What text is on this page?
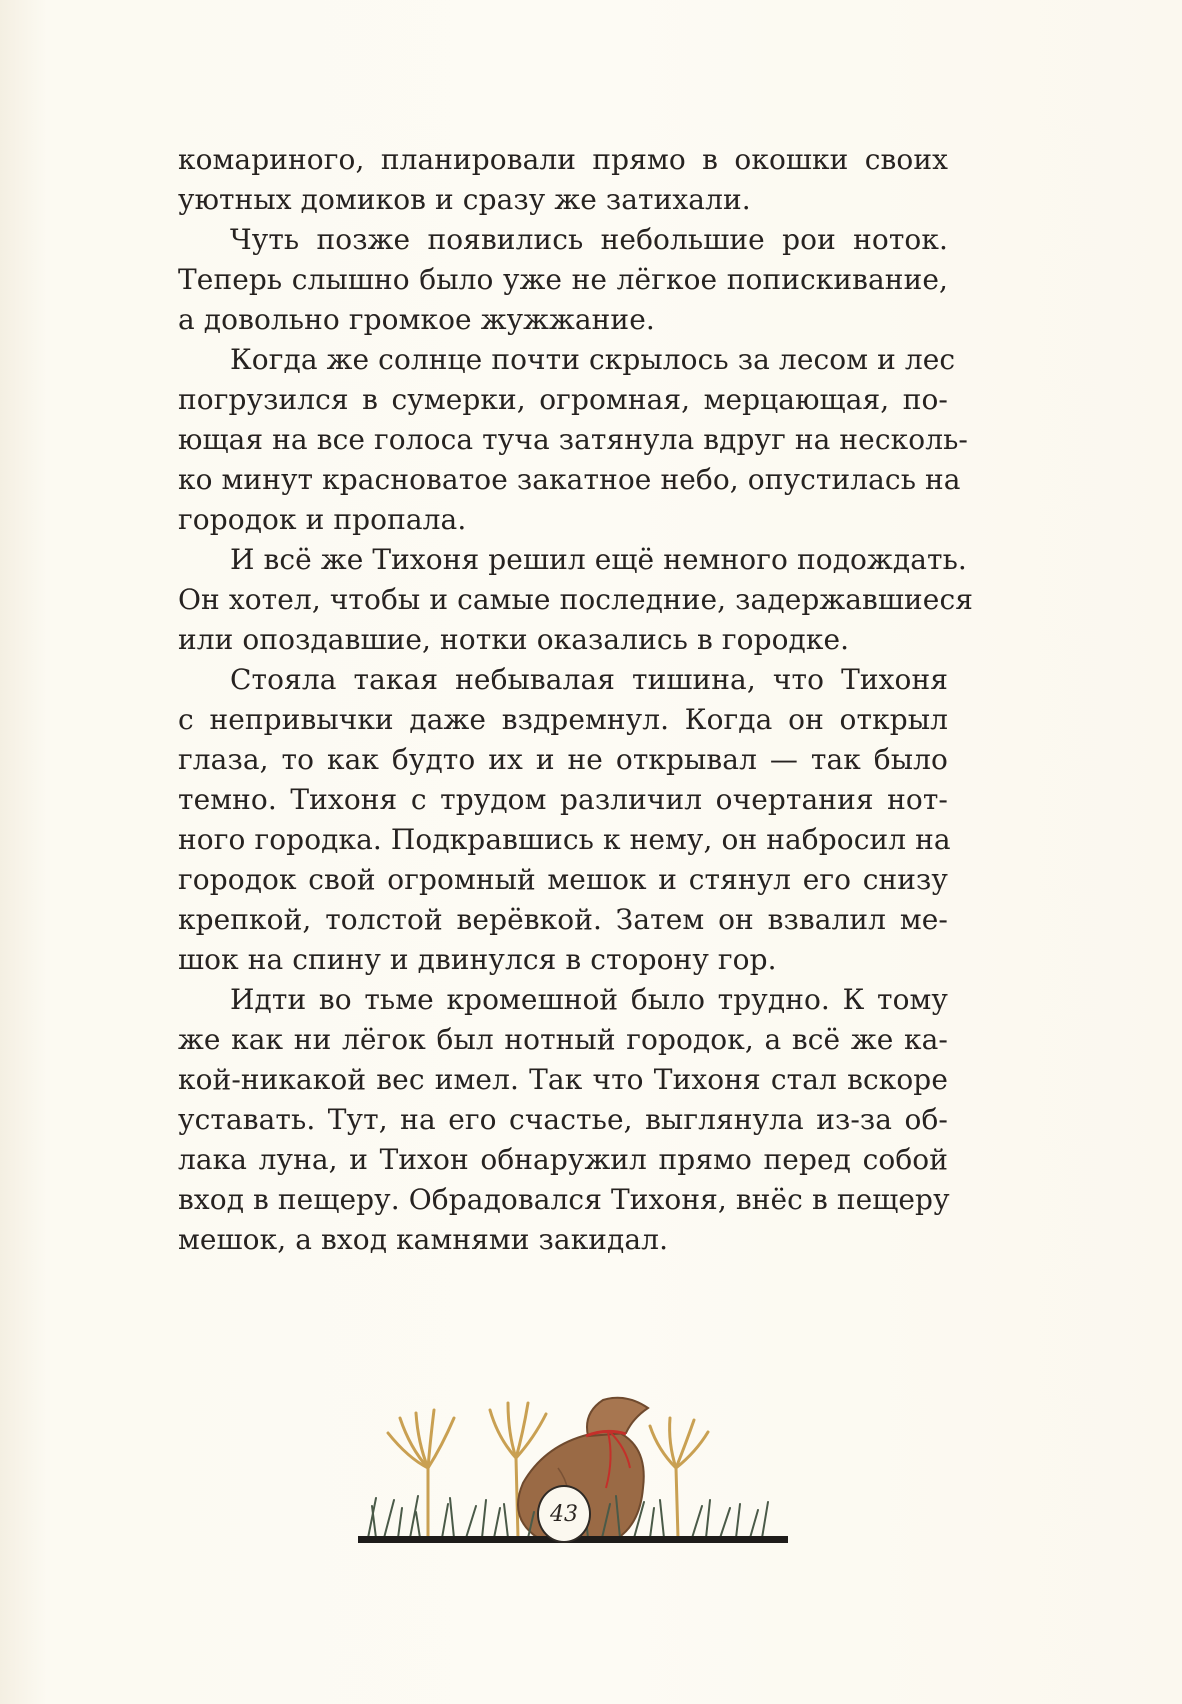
комариного, планировали прямо в окошки своих
уютных домиков и сразу же затихали.
Чуть позже появились небольшие рои ноток.
Теперь слышно было уже не лёгкое попискивание,
а довольно громкое жужжание.
Когда же солнце почти скрылось за лесом и лес
погрузился в сумерки, огромная, мерцающая, по-
ющая на все голоса туча затянула вдруг на несколь-
ко минут красноватое закатное небо, опустилась на
городок и пропала.
И всё же Тихоня решил ещё немного подождать.
Он хотел, чтобы и самые последние, задержавшиеся
или опоздавшие, нотки оказались в городке.
Стояла такая небывалая тишина, что Тихоня
с непривычки даже вздремнул. Когда он открыл
глаза, то как будто их и не открывал — так было
темно. Тихоня с трудом различил очертания нот-
ного городка. Подкравшись к нему, он набросил на
городок свой огромный мешок и стянул его снизу
крепкой, толстой верёвкой. Затем он взвалил ме-
шок на спину и двинулся в сторону гор.
Идти во тьме кромешной было трудно. К тому
же как ни лёгок был нотный городок, а всё же ка-
кой-никакой вес имел. Так что Тихоня стал вскоре
уставать. Тут, на его счастье, выглянула из-за об-
лака луна, и Тихон обнаружил прямо перед собой
вход в пещеру. Обрадовался Тихоня, внёс в пещеру
мешок, а вход камнями закидал.
43
